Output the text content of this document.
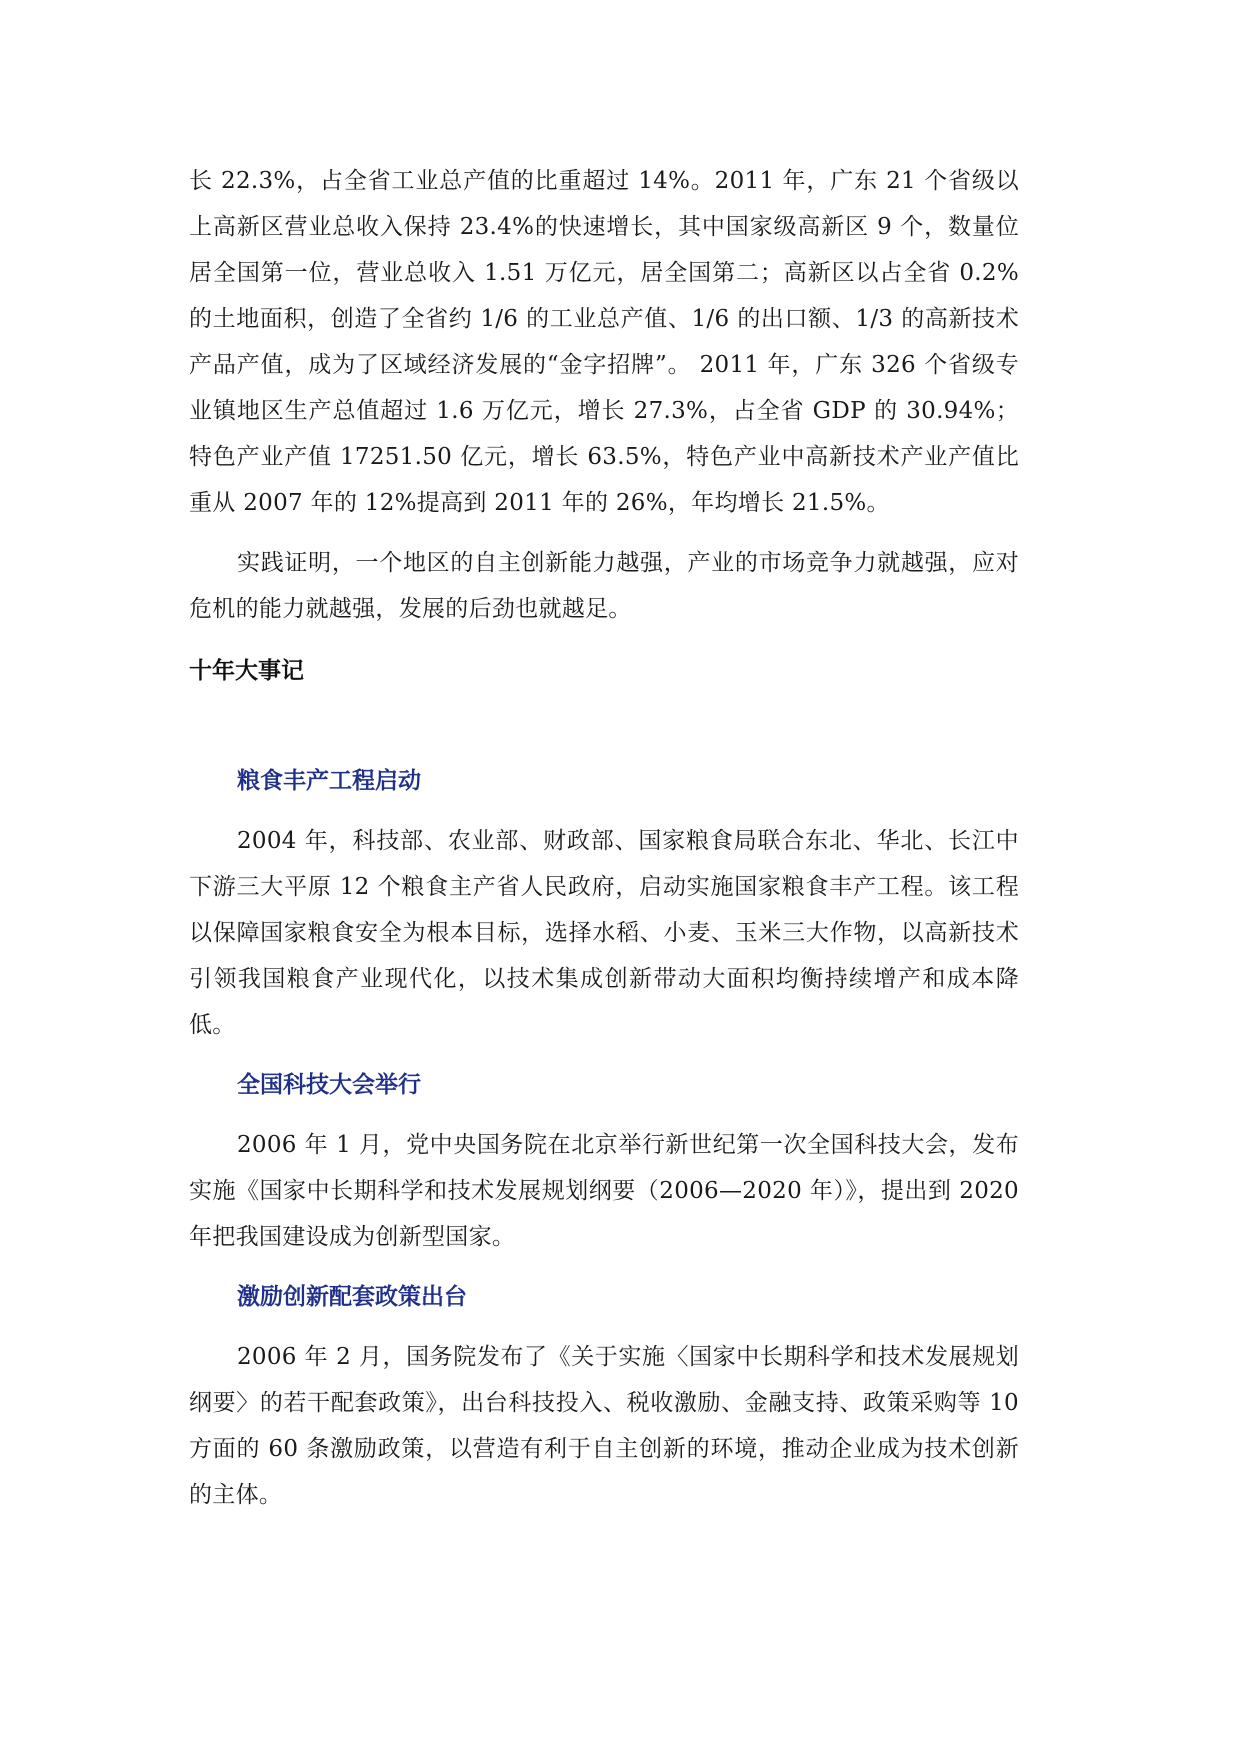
长 22.3%，占全省工业总产值的比重超过 14%。2011 年，广东 21 个省级以上高新区营业总收入保持 23.4%的快速增长，其中国家级高新区 9 个，数量位居全国第一位，营业总收入 1.51 万亿元，居全国第二；高新区以占全省 0.2%的土地面积，创造了全省约 1/6 的工业总产值、1/6 的出口额、1/3 的高新技术产品产值，成为了区域经济发展的“金字招牌”。 2011 年，广东 326 个省级专业镇地区生产总值超过 1.6 万亿元，增长 27.3%，占全省 GDP 的 30.94%；特色产业产值 17251.50 亿元，增长 63.5%，特色产业中高新技术产业产值比重从 2007 年的 12%提高到 2011 年的 26%，年均增长 21.5%。

实践证明，一个地区的自主创新能力越强，产业的市场竞争力就越强，应对危机的能力就越强，发展的后劲也就越足。

十年大事记
粮食丰产工程启动

2004 年，科技部、农业部、财政部、国家粮食局联合东北、华北、长江中下游三大平原 12 个粮食主产省人民政府，启动实施国家粮食丰产工程。该工程以保障国家粮食安全为根本目标，选择水稻、小麦、玉米三大作物，以高新技术引领我国粮食产业现代化，以技术集成创新带动大面积均衡持续增产和成本降低。

全国科技大会举行

2006 年 1 月，党中央国务院在北京举行新世纪第一次全国科技大会，发布实施《国家中长期科学和技术发展规划纲要（2006—2020 年）》，提出到 2020 年把我国建设成为创新型国家。

激励创新配套政策出台

2006 年 2 月，国务院发布了《关于实施〈国家中长期科学和技术发展规划纲要〉的若干配套政策》，出台科技投入、税收激励、金融支持、政策采购等 10 方面的 60 条激励政策，以营造有利于自主创新的环境，推动企业成为技术创新的主体。
